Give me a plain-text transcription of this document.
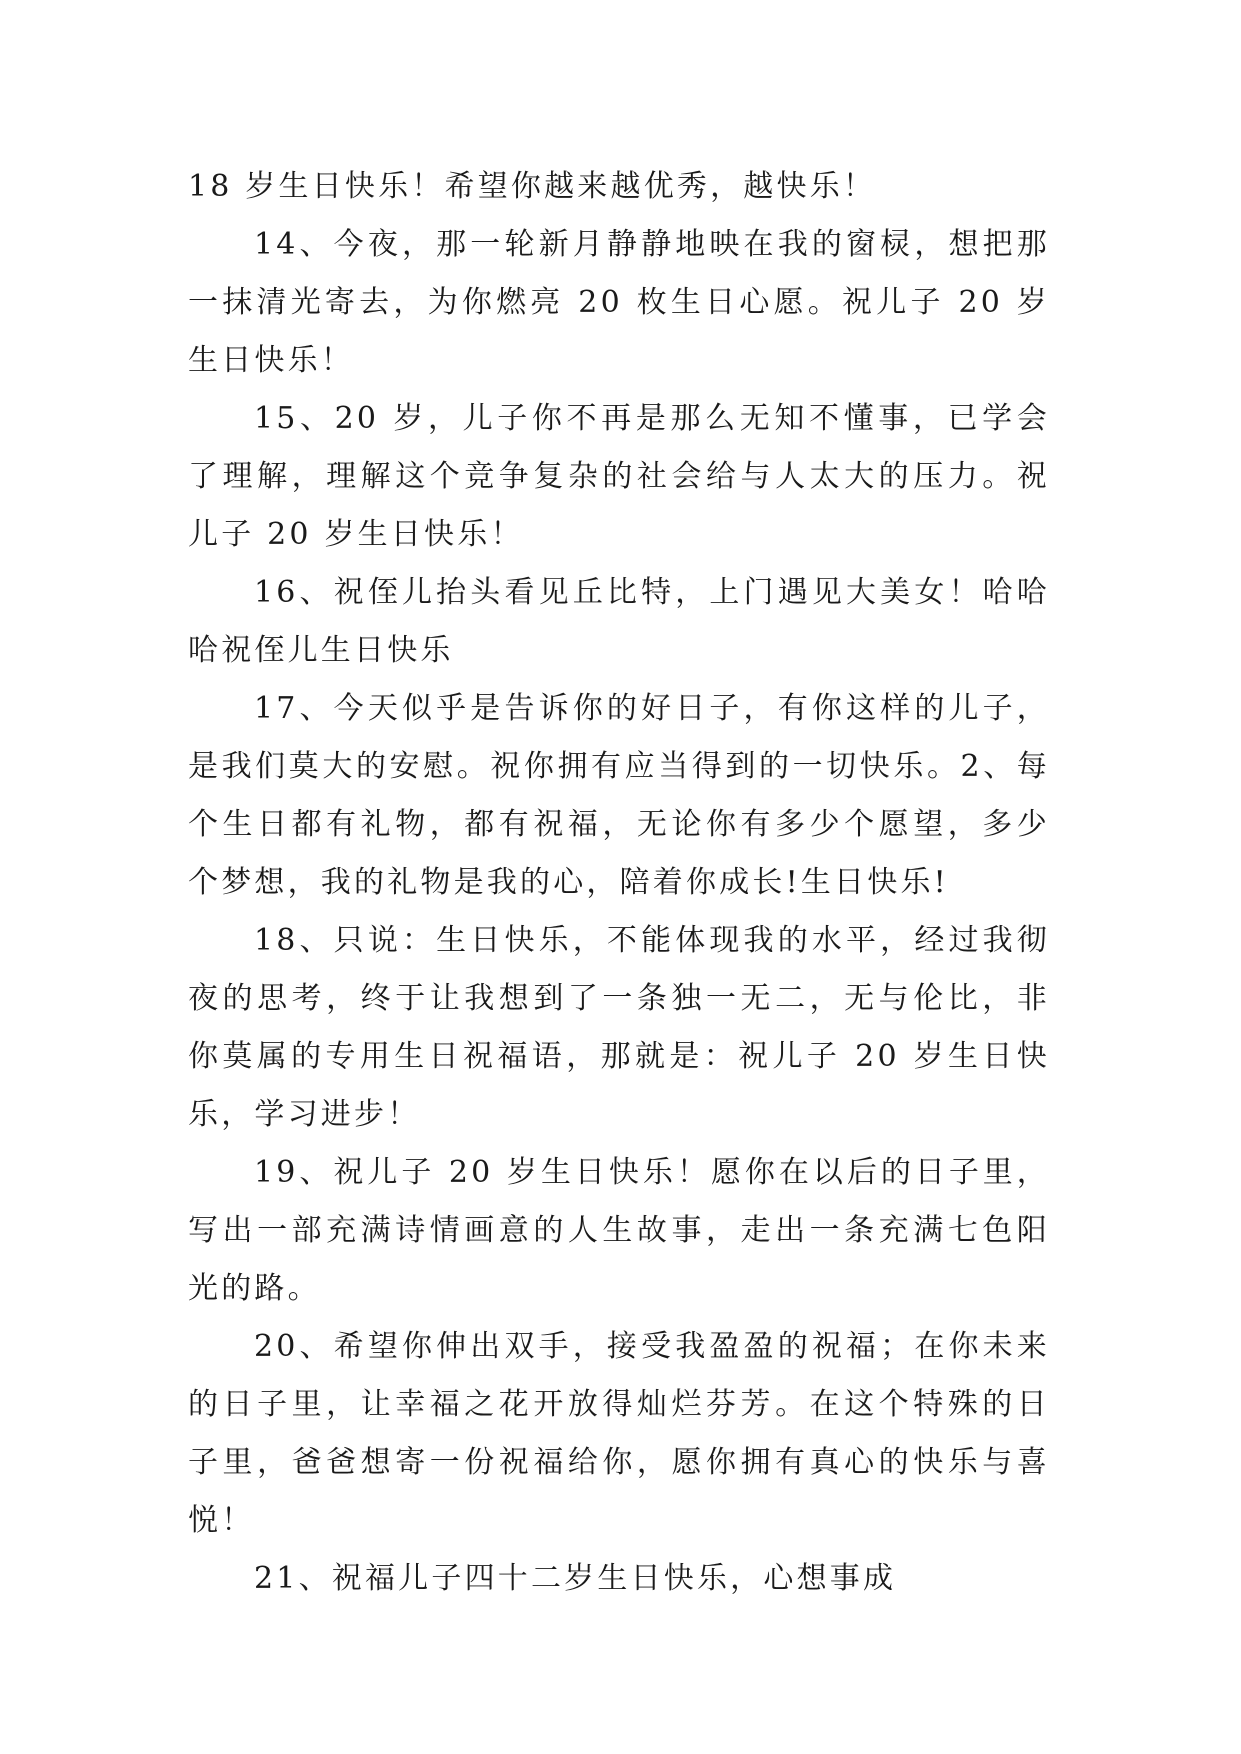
18 岁生日快乐！希望你越来越优秀，越快乐！

14、今夜，那一轮新月静静地映在我的窗棂，想把那一抹清光寄去，为你燃亮 20 枚生日心愿。祝儿子 20 岁生日快乐！

15、20 岁，儿子你不再是那么无知不懂事，已学会了理解，理解这个竞争复杂的社会给与人太大的压力。祝儿子 20 岁生日快乐！

16、祝侄儿抬头看见丘比特，上门遇见大美女！哈哈哈祝侄儿生日快乐

17、今天似乎是告诉你的好日子，有你这样的儿子，是我们莫大的安慰。祝你拥有应当得到的一切快乐。2、每个生日都有礼物，都有祝福，无论你有多少个愿望，多少个梦想，我的礼物是我的心，陪着你成长!生日快乐!

18、只说：生日快乐，不能体现我的水平，经过我彻夜的思考，终于让我想到了一条独一无二，无与伦比，非你莫属的专用生日祝福语，那就是：祝儿子 20 岁生日快乐，学习进步！

19、祝儿子 20 岁生日快乐！愿你在以后的日子里，写出一部充满诗情画意的人生故事，走出一条充满七色阳光的路。

20、希望你伸出双手，接受我盈盈的祝福；在你未来的日子里，让幸福之花开放得灿烂芬芳。在这个特殊的日子里，爸爸想寄一份祝福给你，愿你拥有真心的快乐与喜悦！

21、祝福儿子四十二岁生日快乐，心想事成
